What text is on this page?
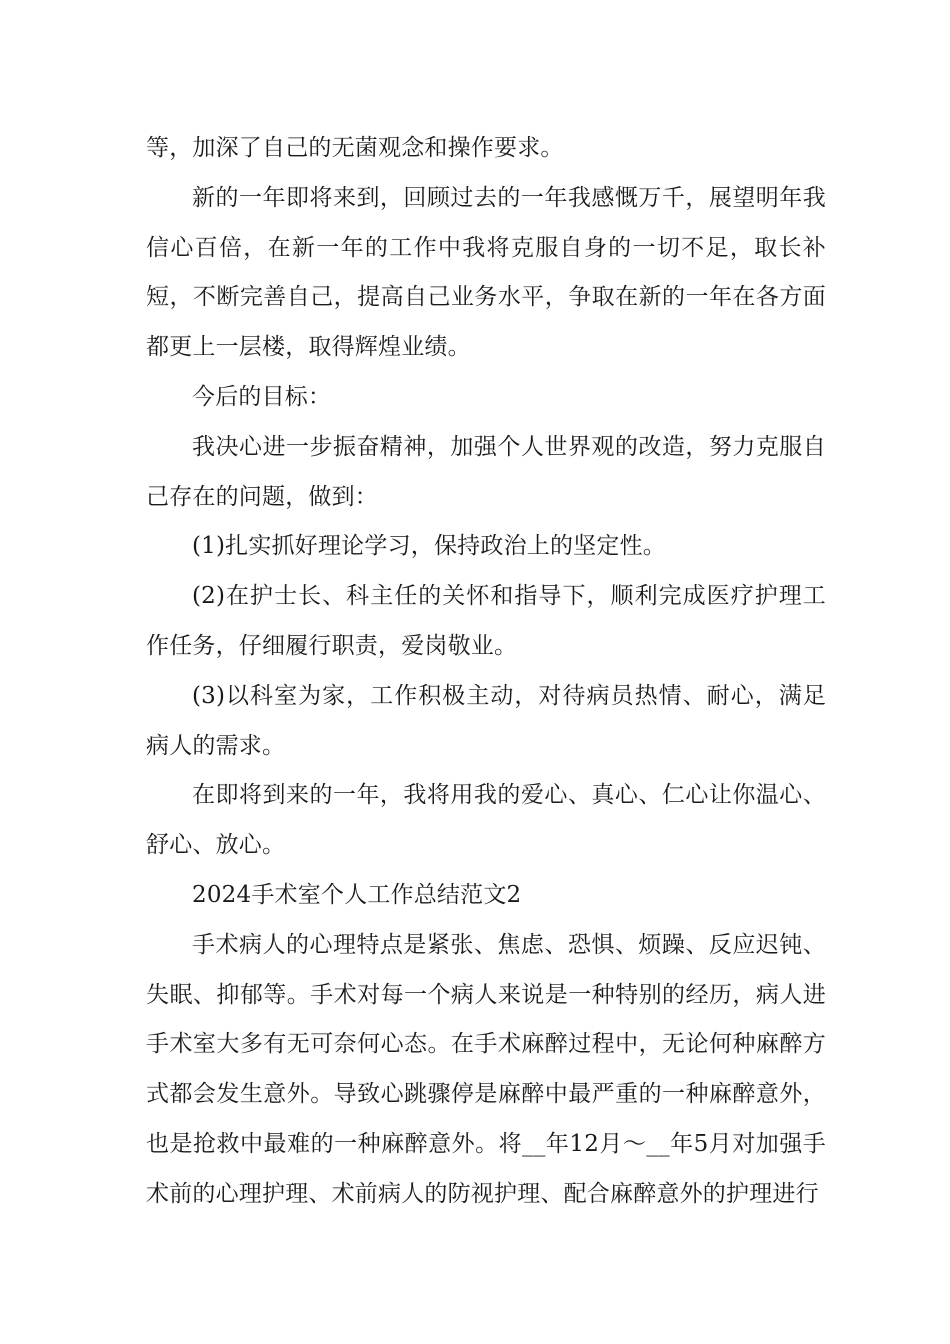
等，加深了自己的无菌观念和操作要求。

新的一年即将来到，回顾过去的一年我感慨万千，展望明年我信心百倍，在新一年的工作中我将克服自身的一切不足，取长补短，不断完善自己，提高自己业务水平，争取在新的一年在各方面都更上一层楼，取得辉煌业绩。

今后的目标：

我决心进一步振奋精神，加强个人世界观的改造，努力克服自己存在的问题，做到：

(1)扎实抓好理论学习，保持政治上的坚定性。

(2)在护士长、科主任的关怀和指导下，顺利完成医疗护理工作任务，仔细履行职责，爱岗敬业。

(3)以科室为家，工作积极主动，对待病员热情、耐心，满足病人的需求。

在即将到来的一年，我将用我的爱心、真心、仁心让你温心、舒心、放心。

2024手术室个人工作总结范文2

手术病人的心理特点是紧张、焦虑、恐惧、烦躁、反应迟钝、失眠、抑郁等。手术对每一个病人来说是一种特别的经历，病人进手术室大多有无可奈何心态。在手术麻醉过程中，无论何种麻醉方式都会发生意外。导致心跳骤停是麻醉中最严重的一种麻醉意外，也是抢救中最难的一种麻醉意外。将__年12月～__年5月对加强手术前的心理护理、术前病人的防视护理、配合麻醉意外的护理进行
